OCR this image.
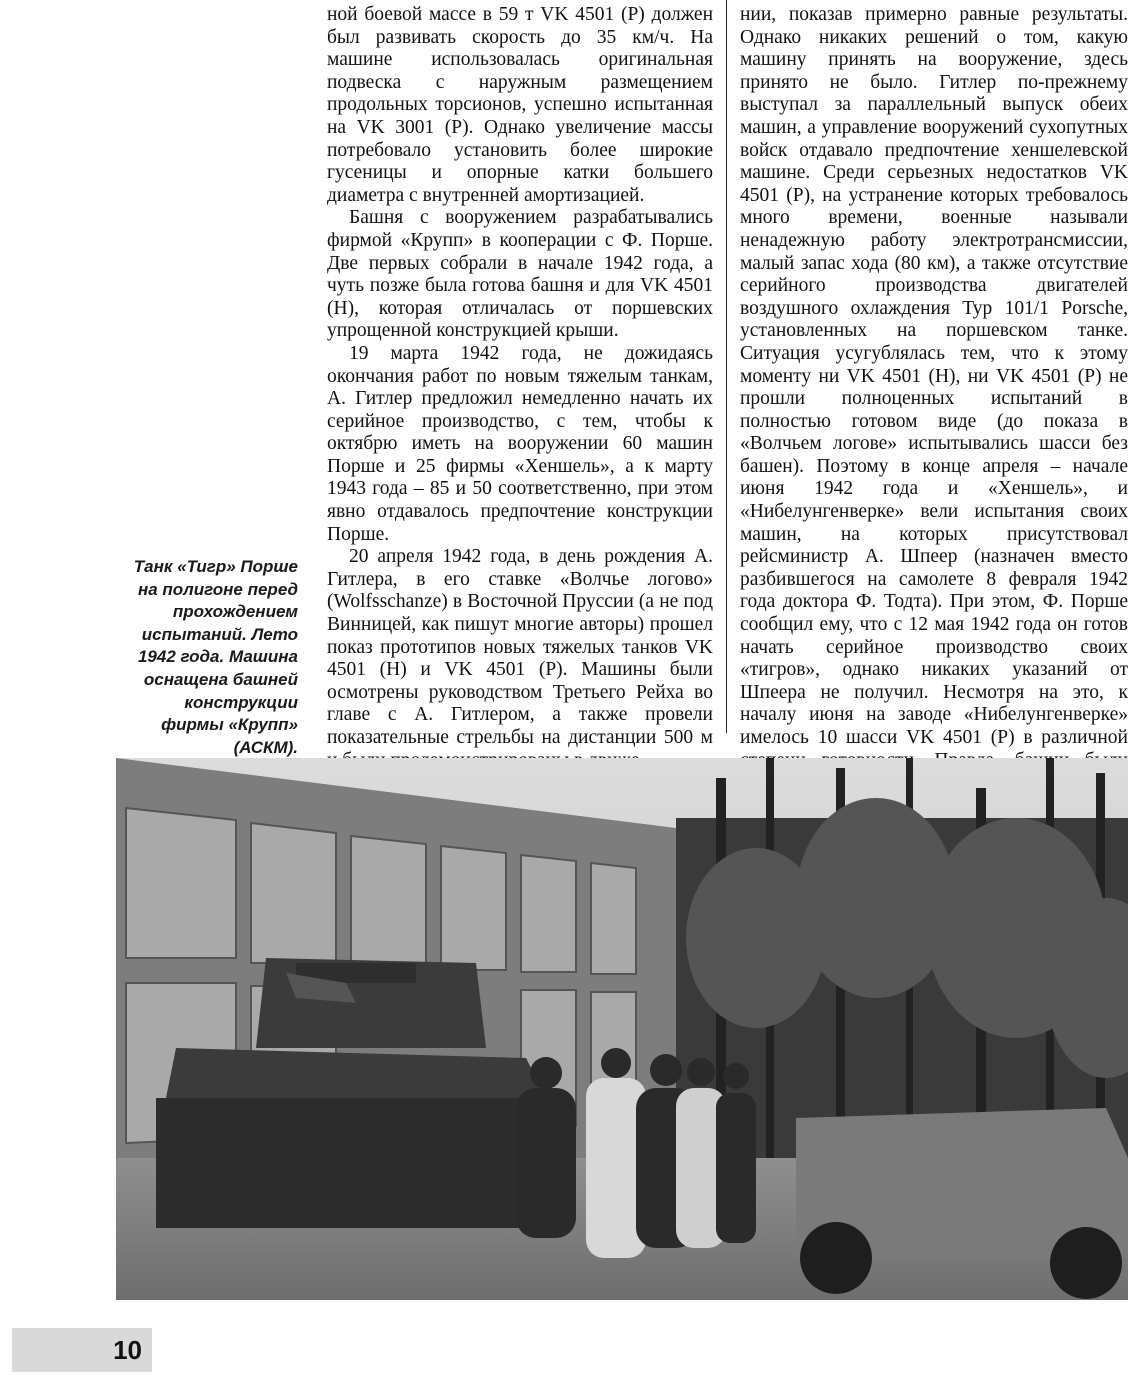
Танк «Тигр» Порше на полигоне перед прохождением испытаний. Лето 1942 года. Машина оснащена башней конструкции фирмы «Крупп» (АСКМ).

ной боевой массе в 59 т VK 4501 (P) должен был развивать скорость до 35 км/ч. На машине использовалась оригинальная подвеска с наружным размещением продольных торсионов, успешно испытанная на VK 3001 (P). Однако увеличение массы потребовало установить более широкие гусеницы и опорные катки большего диаметра с внутренней амортизацией.

Башня с вооружением разрабатывались фирмой «Крупп» в кооперации с Ф. Порше. Две первых собрали в начале 1942 года, а чуть позже была готова башня и для VK 4501 (H), которая отличалась от поршевских упрощенной конструкцией крыши.

19 марта 1942 года, не дожидаясь окончания работ по новым тяжелым танкам, А. Гитлер предложил немедленно начать их серийное производство, с тем, чтобы к октябрю иметь на вооружении 60 машин Порше и 25 фирмы «Хеншель», а к марту 1943 года – 85 и 50 соответственно, при этом явно отдавалось предпочтение конструкции Порше.

20 апреля 1942 года, в день рождения А. Гитлера, в его ставке «Волчье логово» (Wolfsschanze) в Восточной Пруссии (а не под Винницей, как пишут многие авторы) прошел показ прототипов новых тяжелых танков VK 4501 (H) и VK 4501 (P). Машины были осмотрены руководством Третьего Рейха во главе с А. Гитлером, а также провели показательные стрельбы на дистанции 500 м

нии, показав примерно равные результаты. Однако никаких решений о том, какую машину принять на вооружение, здесь принято не было. Гитлер по-прежнему выступал за параллельный выпуск обеих машин, а управление вооружений сухопутных войск отдавало предпочтение хеншелевской машине. Среди серьезных недостатков VK 4501 (P), на устранение которых требовалось много времени, военные называли ненадежную работу электротрансмиссии, малый запас хода (80 км), а также отсутствие серийного производства двигателей воздушного охлаждения Typ 101/1 Porsche, установленных на поршевском танке. Ситуация усугублялась тем, что к этому моменту ни VK 4501 (H), ни VK 4501 (P) не прошли полноценных испытаний в полностью готовом виде (до показа в «Волчьем логове» испытывались шасси без башен). Поэтому в конце апреля – начале июня 1942 года и «Хеншель», и «Нибелунгенверке» вели испытания своих машин, на которых присутствовал рейсминистр А. Шпеер (назначен вместо разбившегося на самолете 8 февраля 1942 года доктора Ф. Тодта). При этом, Ф. Порше сообщил ему, что с 12 мая 1942 года он готов начать серийное производство своих «тигров», однако никаких указаний от Шпеера не получил. Несмотря на это, к началу июня на заводе «Нибелунгенверке» имелось 10 шасси VK 4501 (P) в различной

10
